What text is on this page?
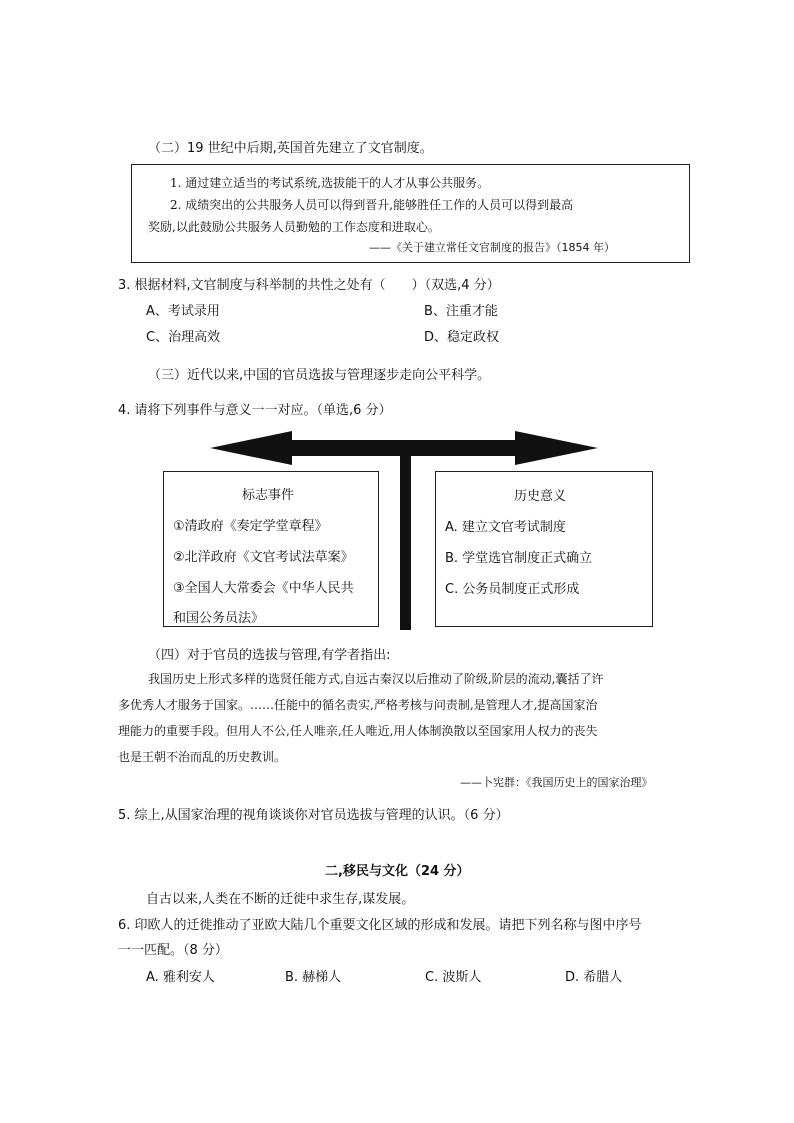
（二）19 世纪中后期,英国首先建立了文官制度。
1. 通过建立适当的考试系统,选拔能干的人才从事公共服务。
2. 成绩突出的公共服务人员可以得到晋升,能够胜任工作的人员可以得到最高
奖励,以此鼓励公共服务人员勤勉的工作态度和进取心。
——《关于建立常任文官制度的报告》（1854 年）
3. 根据材料,文官制度与科举制的共性之处有（　　）（双选,4 分）
A、考试录用	B、注重才能
C、治理高效	D、稳定政权
（三）近代以来,中国的官员选拔与管理逐步走向公平科学。
4. 请将下列事件与意义一一对应。（单选,6 分）
标志事件
①清政府《奏定学堂章程》
②北洋政府《文官考试法草案》
③全国人大常委会《中华人民共
和国公务员法》
历史意义
A. 建立文官考试制度
B. 学堂选官制度正式确立
C. 公务员制度正式形成
（四）对于官员的选拔与管理,有学者指出:
我国历史上形式多样的选贤任能方式,自远古秦汉以后推动了阶级,阶层的流动,囊括了许
多优秀人才服务于国家。……任能中的循名责实,严格考核与问责制,是管理人才,提高国家治
理能力的重要手段。但用人不公,任人唯亲,任人唯近,用人体制涣散以至国家用人权力的丧失
也是王朝不治而乱的历史教训。
——卜宪群：《我国历史上的国家治理》
5. 综上,从国家治理的视角谈谈你对官员选拔与管理的认识。（6 分）
二,移民与文化（24 分）
自古以来,人类在不断的迁徙中求生存,谋发展。
6. 印欧人的迁徙推动了亚欧大陆几个重要文化区域的形成和发展。请把下列名称与图中序号
一一匹配。（8 分）
A. 雅利安人	B. 赫梯人	C. 波斯人	D. 希腊人
